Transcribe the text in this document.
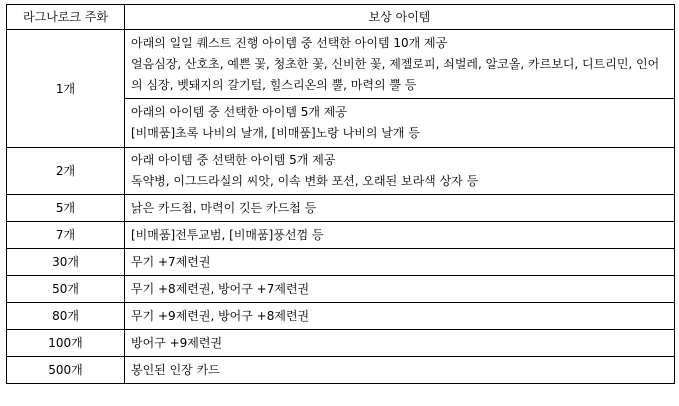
라그나로크 주화	보상 아이템
1개	아래의 일일 퀘스트 진행 아이템 중 선택한 아이템 10개 제공
얼음심장, 산호초, 예쁜 꽃, 청초한 꽃, 신비한 꽃, 제젤로피, 쇠벌레, 알코올, 카르보디, 디트리민, 인어의 심장, 벳돼지의 갈기털, 힐스리온의 뿔, 마력의 뿔 등

	아래의 아이템 중 선택한 아이템 5개 제공
[비매품]초록 나비의 날개, [비매품]노랑 나비의 날개 등

2개	아래 아이템 중 선택한 아이템 5개 제공
독약병, 이그드라실의 씨앗, 이속 변화 포션, 오래된 보라색 상자 등

5개	낡은 카드첩, 마력이 깃든 카드첩 등
7개	[비매품]전투교범, [비매품]풍선껌 등
30개	무기 +7제련권
50개	무기 +8제련권, 방어구 +7제련권
80개	무기 +9제련권, 방어구 +8제련권
100개	방어구 +9제련권
500개	봉인된 인장 카드
